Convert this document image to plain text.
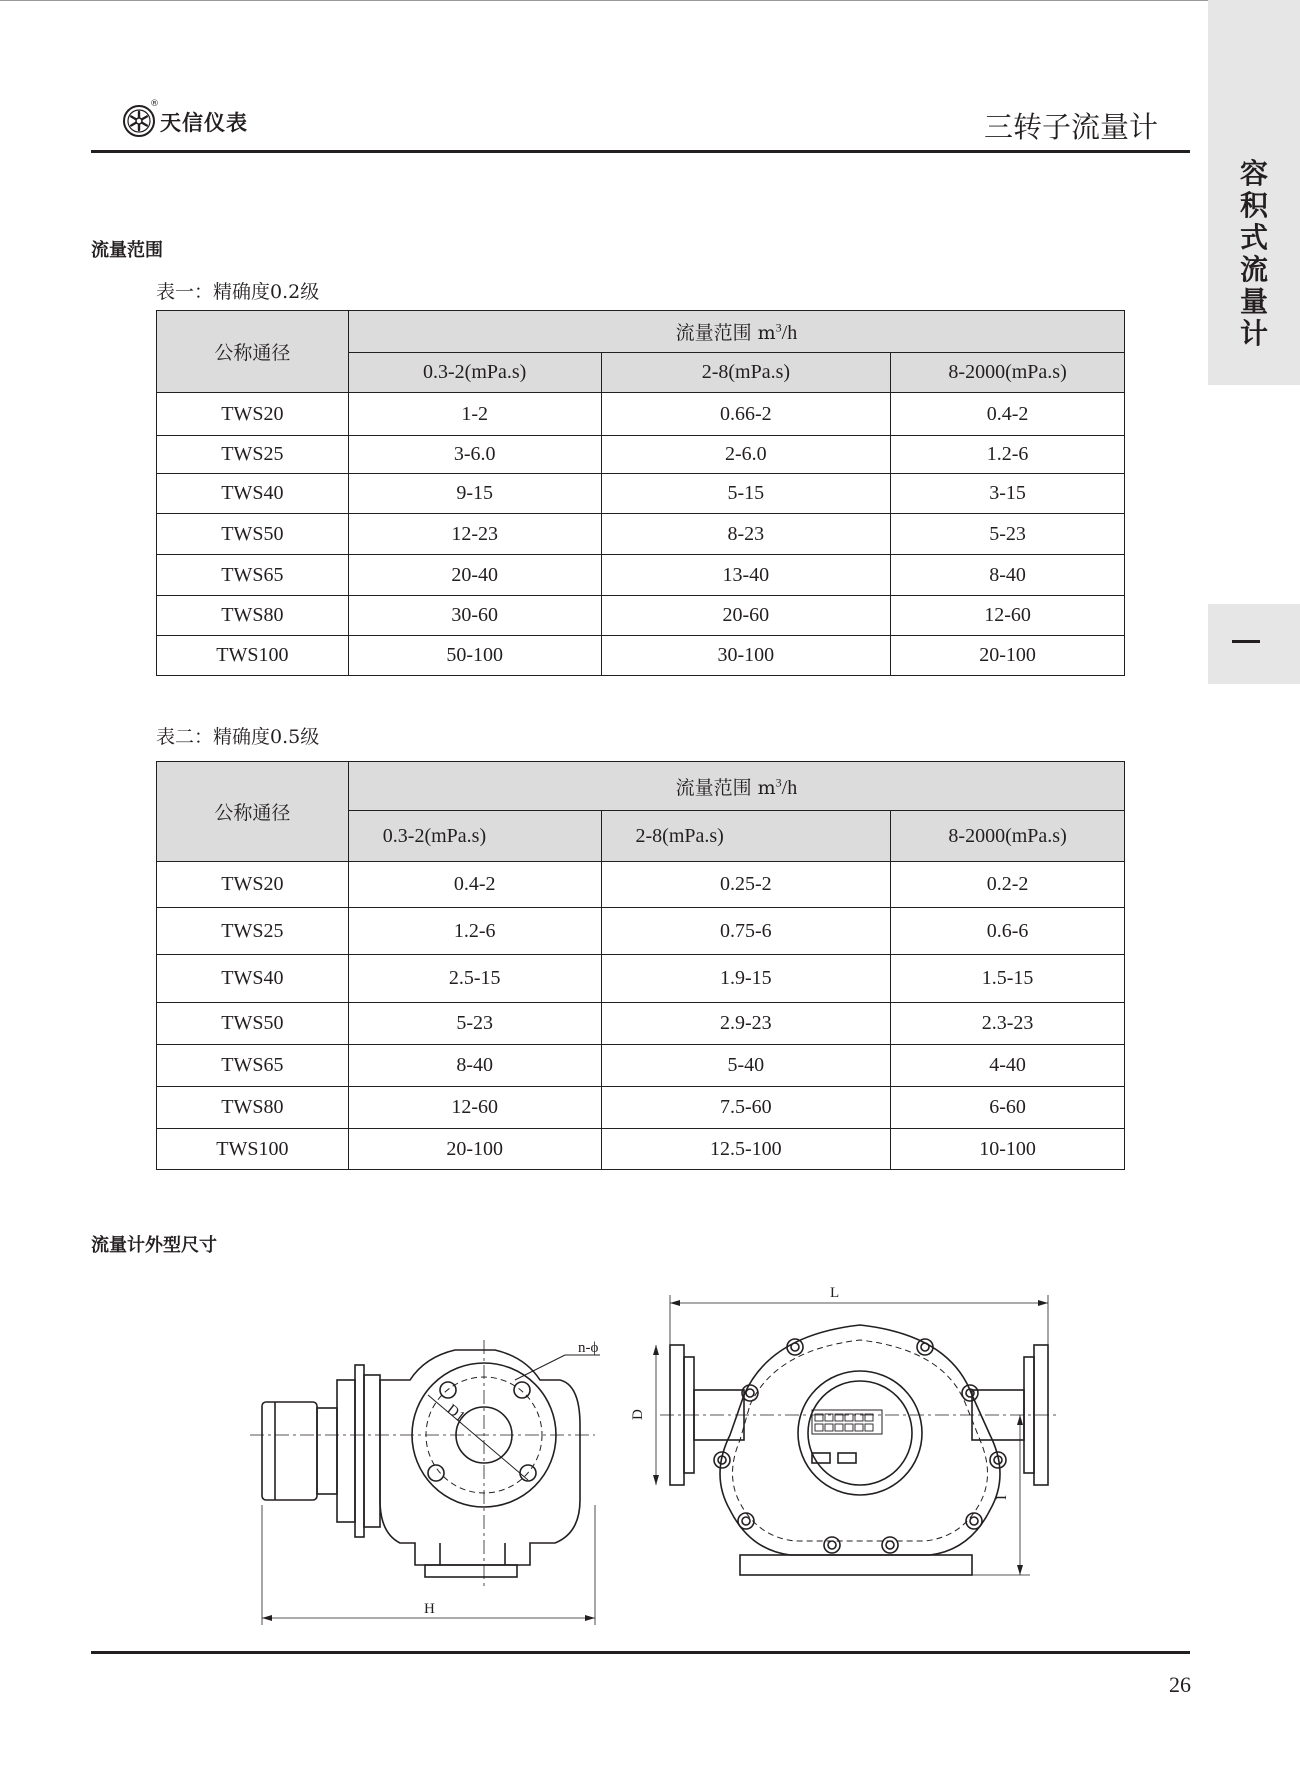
容
积
式
流
量
计
®
天信仪表	三转子流量计
流量范围
表一：精确度0.2级
公称通径	流量范围 $m^3/h$		
	0.3-2(mPa.s)	2-8(mPa.s)	8-2000(mPa.s)
TWS20	1-2	0.66-2	0.4-2
TWS25	3-6.0	2-6.0	1.2-6
TWS40	9-15	5-15	3-15
TWS50	12-23	8-23	5-23
TWS65	20-40	13-40	8-40
TWS80	30-60	20-60	12-60
TWS100	50-100	30-100	20-100
表二：精确度0.5级
公称通径	流量范围 $m^3/h$		
	0.3-2(mPa.s)	2-8(mPa.s)	8-2000(mPa.s)
TWS20	0.4-2	0.25-2	0.2-2
TWS25	1.2-6	0.75-6	0.6-6
TWS40	2.5-15	1.9-15	1.5-15
TWS50	5-23	2.9-23	2.3-23
TWS65	8-40	5-40	4-40
TWS80	12-60	7.5-60	6-60
TWS100	20-100	12.5-100	10-100
流量计外型尺寸
n-ϕ
D1
H
L
D
I
26
